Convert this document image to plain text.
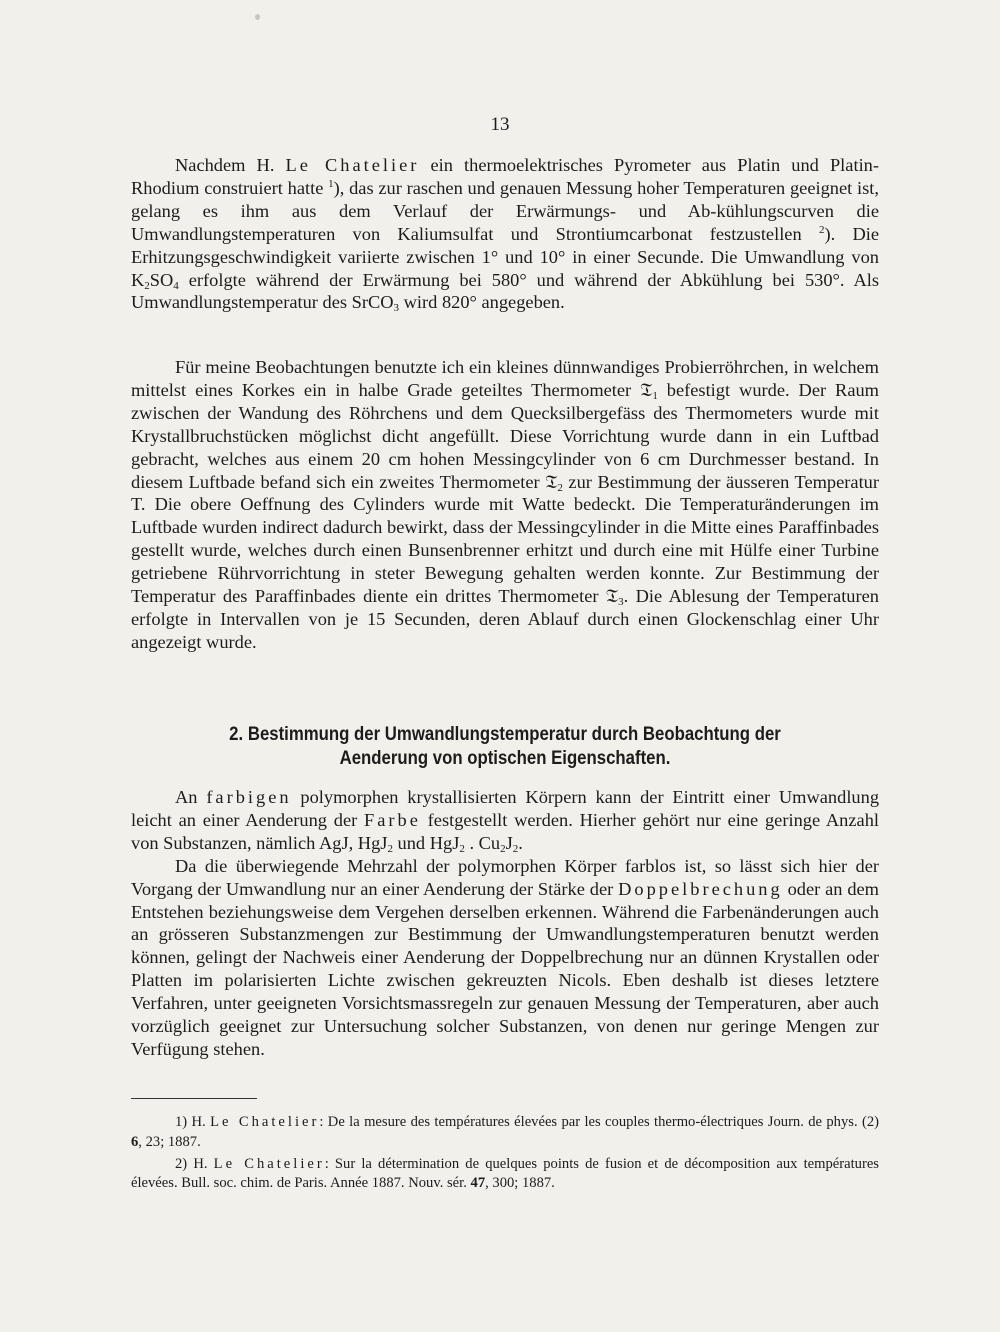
13

Nachdem H. Le Chatelier ein thermoelektrisches Pyrometer aus Platin und Platin-Rhodium construiert hatte $^1$), das zur raschen und genauen Messung hoher Temperaturen geeignet ist, gelang es ihm aus dem Verlauf der Erwärmungs- und Ab-kühlungscurven die Umwandlungstemperaturen von Kaliumsulfat und Strontiumcarbonat festzustellen $^2$). Die Erhitzungsgeschwindigkeit variierte zwischen 1° und 10° in einer Secunde. Die Umwandlung von $K_2SO_4$ erfolgte während der Erwärmung bei 580° und während der Abkühlung bei 530°. Als Umwandlungstemperatur des SrCO$_3$ wird 820° angegeben.

Für meine Beobachtungen benutzte ich ein kleines dünnwandiges Probierröhrchen, in welchem mittelst eines Korkes ein in halbe Grade geteiltes Thermometer 𝔗$_1$ befestigt wurde. Der Raum zwischen der Wandung des Röhrchens und dem Quecksilbergefäss des Thermometers wurde mit Krystallbruchstücken möglichst dicht angefüllt. Diese Vorrichtung wurde dann in ein Luftbad gebracht, welches aus einem 20 cm hohen Messingcylinder von 6 cm Durchmesser bestand. In diesem Luftbade befand sich ein zweites Thermometer 𝔗$_2$ zur Bestimmung der äusseren Temperatur T. Die obere Oeffnung des Cylinders wurde mit Watte bedeckt. Die Temperaturänderungen im Luftbade wurden indirect dadurch bewirkt, dass der Messingcylinder in die Mitte eines Paraffinbades gestellt wurde, welches durch einen Bunsenbrenner erhitzt und durch eine mit Hülfe einer Turbine getriebene Rührvorrichtung in steter Bewegung gehalten werden konnte. Zur Bestimmung der Temperatur des Paraffinbades diente ein drittes Thermometer 𝔗$_3$. Die Ablesung der Temperaturen erfolgte in Intervallen von je 15 Secunden, deren Ablauf durch einen Glockenschlag einer Uhr angezeigt wurde.

2. Bestimmung der Umwandlungstemperatur durch Beobachtung der
Aenderung von optischen Eigenschaften.

An farbigen polymorphen krystallisierten Körpern kann der Eintritt einer Umwandlung leicht an einer Aenderung der Farbe festgestellt werden. Hierher gehört nur eine geringe Anzahl von Substanzen, nämlich AgJ, HgJ$_2$ und HgJ$_2$ . $Cu_2J_2$.

Da die überwiegende Mehrzahl der polymorphen Körper farblos ist, so lässt sich hier der Vorgang der Umwandlung nur an einer Aenderung der Stärke der Doppelbrechung oder an dem Entstehen beziehungsweise dem Vergehen derselben erkennen. Während die Farbenänderungen auch an grösseren Substanzmengen zur Bestimmung der Umwandlungstemperaturen benutzt werden können, gelingt der Nachweis einer Aenderung der Doppelbrechung nur an dünnen Krystallen oder Platten im polarisierten Lichte zwischen gekreuzten Nicols. Eben deshalb ist dieses letztere Verfahren, unter geeigneten Vorsichtsmassregeln zur genauen Messung der Temperaturen, aber auch vorzüglich geeignet zur Untersuchung solcher Substanzen, von denen nur geringe Mengen zur Verfügung stehen.

1) H. Le Chatelier: De la mesure des températures élevées par les couples thermo-électriques Journ. de phys. (2) 6, 23; 1887.

2) H. Le Chatelier: Sur la détermination de quelques points de fusion et de décomposition aux températures élevées. Bull. soc. chim. de Paris. Année 1887. Nouv. sér. 47, 300; 1887.
